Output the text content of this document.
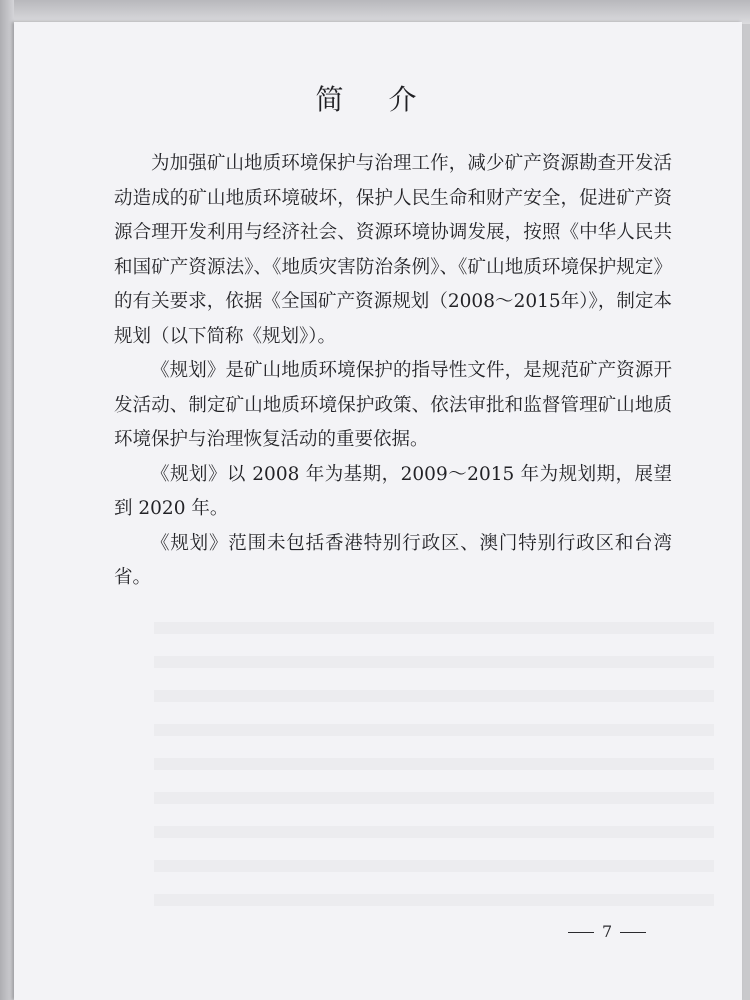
简 介

为加强矿山地质环境保护与治理工作，减少矿产资源勘查开发活动造成的矿山地质环境破坏，保护人民生命和财产安全，促进矿产资源合理开发利用与经济社会、资源环境协调发展，按照《中华人民共和国矿产资源法》、《地质灾害防治条例》、《矿山地质环境保护规定》的有关要求，依据《全国矿产资源规划（2008～2015年）》，制定本规划（以下简称《规划》）。

《规划》是矿山地质环境保护的指导性文件，是规范矿产资源开发活动、制定矿山地质环境保护政策、依法审批和监督管理矿山地质环境保护与治理恢复活动的重要依据。

《规划》以 2008 年为基期，2009～2015 年为规划期，展望到 2020 年。

《规划》范围未包括香港特别行政区、澳门特别行政区和台湾省。

7
